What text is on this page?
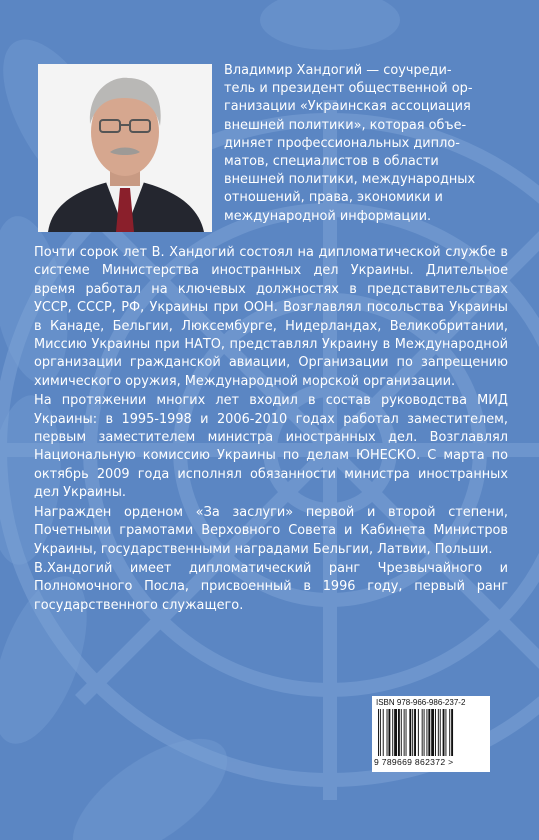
Владимир Хандогий — соучреди-
тель и президент общественной ор-
ганизации «Украинская ассоциация
внешней политики», которая объе-
диняет профессиональных дипло-
матов, специалистов в области
внешней политики, международных
отношений, права, экономики и
международной информации.

Почти сорок лет В. Хандогий состоял на дипломатической службе в системе Министерства иностранных дел Украины. Длительное время работал на ключевых должностях в представительствах УССР, СССР, РФ, Украины при ООН. Возглавлял посольства Украины в Канаде, Бельгии, Люксембурге, Нидерландах, Великобритании, Миссию Украины при НАТО, представлял Украину в Международной организации гражданской авиации, Организации по запрещению химического оружия, Международной морской организации.

На протяжении многих лет входил в состав руководства МИД Украины: в 1995-1998 и 2006-2010 годах работал заместителем, первым заместителем министра иностранных дел. Возглавлял Национальную комиссию Украины по делам ЮНЕСКО. С марта по октябрь 2009 года исполнял обязанности министра иностранных дел Украины.

Награжден орденом «За заслуги» первой и второй степени, Почетными грамотами Верховного Совета и Кабинета Министров Украины, государственными наградами Бельгии, Латвии, Польши.

В.Хандогий имеет дипломатический ранг Чрезвычайного и Полномочного Посла, присвоенный в 1996 году, первый ранг государственного служащего.

ISBN 978-966-986-237-2
9 789669 862372 >
